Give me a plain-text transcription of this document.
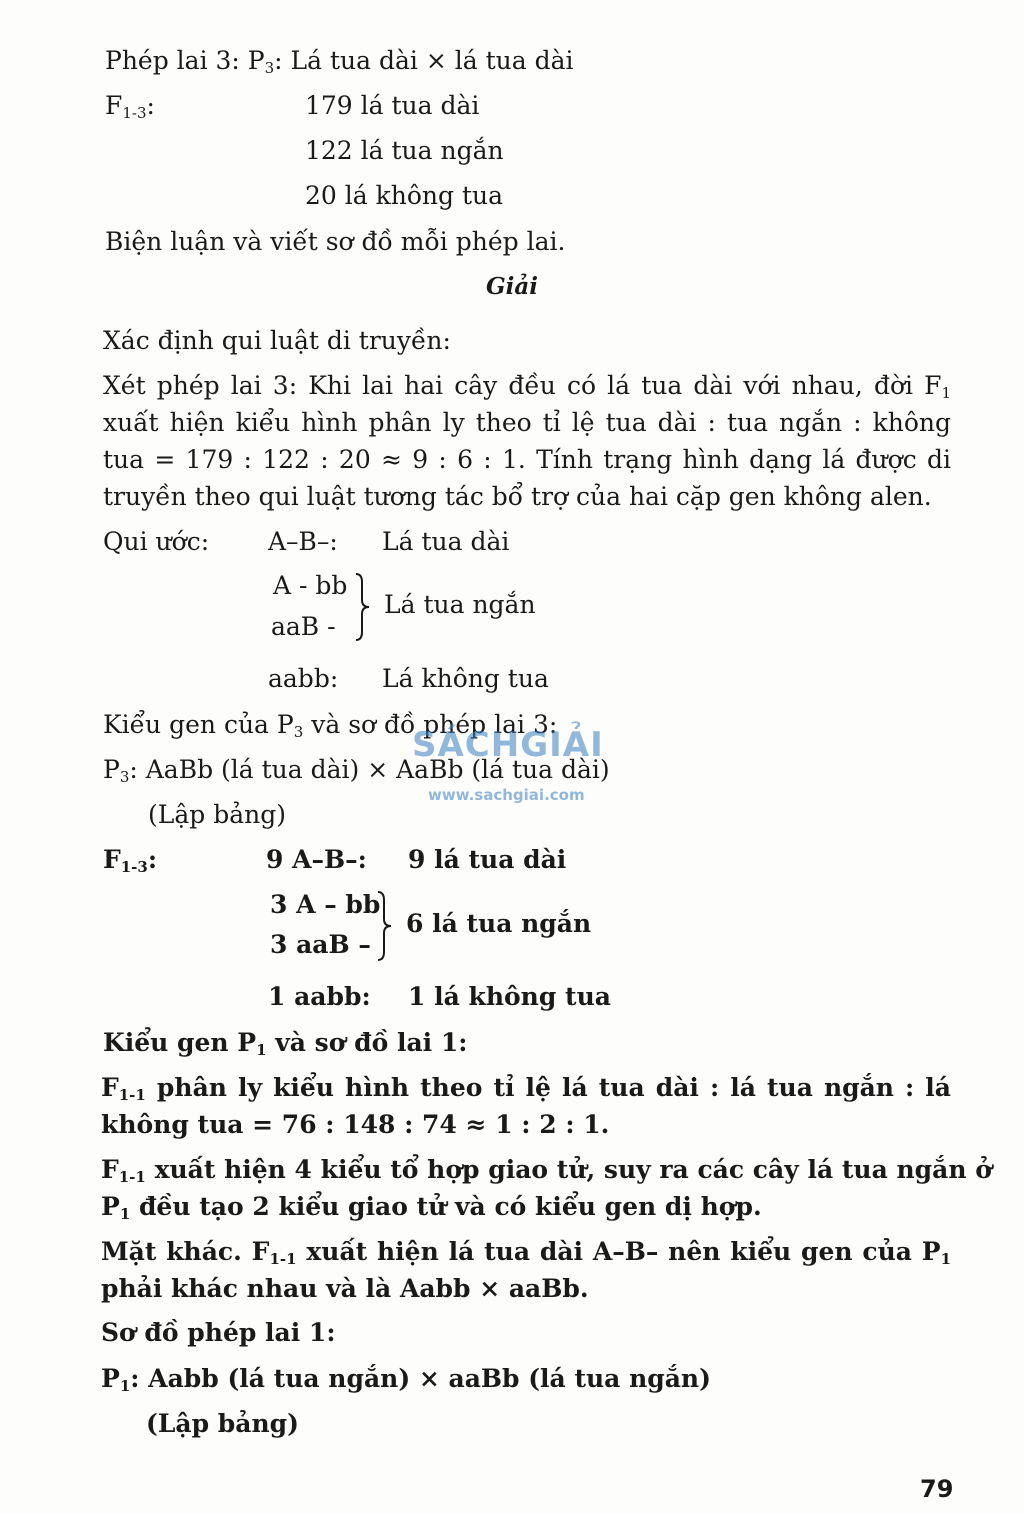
Phép lai 3: $P_3$: Lá tua dài × lá tua dài
$F_{1-3}$:	179 lá tua dài
122 lá tua ngắn
20 lá không tua
Biện luận và viết sơ đồ mỗi phép lai.
Giải
Xác định qui luật di truyền:
Xét phép lai 3: Khi lai hai cây đều có lá tua dài với nhau, đời $F_1$
xuất hiện kiểu hình phân ly theo tỉ lệ tua dài : tua ngắn : không
tua = 179 : 122 : 20 ≈ 9 : 6 : 1. Tính trạng hình dạng lá được di
truyền theo qui luật tương tác bổ trợ của hai cặp gen không alen.
Qui ước: A–B–: Lá tua dài
A - bb
aaB -
Lá tua ngắn
aabb: Lá không tua
Kiểu gen của $P_3$ và sơ đồ phép lai 3:
$P_3$: AaBb (lá tua dài) × AaBb (lá tua dài)
(Lập bảng)
$F_{1-3}$:	9 A–B–: 9 lá tua dài
3 A – bb
3 aaB –
6 lá tua ngắn
1 aabb: 1 lá không tua
Kiểu gen $P_1$ và sơ đồ lai 1:
$F_{1-1}$ phân ly kiểu hình theo tỉ lệ lá tua dài : lá tua ngắn : lá
không tua = 76 : 148 : 74 ≈ 1 : 2 : 1.
$F_{1-1}$ xuất hiện 4 kiểu tổ hợp giao tử, suy ra các cây lá tua ngắn ở
$P_1$ đều tạo 2 kiểu giao tử và có kiểu gen dị hợp.
Mặt khác. $F_{1-1}$ xuất hiện lá tua dài A–B– nên kiểu gen của $P_1$
phải khác nhau và là Aabb × aaBb.
Sơ đồ phép lai 1:
$P_1$: Aabb (lá tua ngắn) × aaBb (lá tua ngắn)
(Lập bảng)
SÁCHGIẢI
www.sachgiai.com
79
